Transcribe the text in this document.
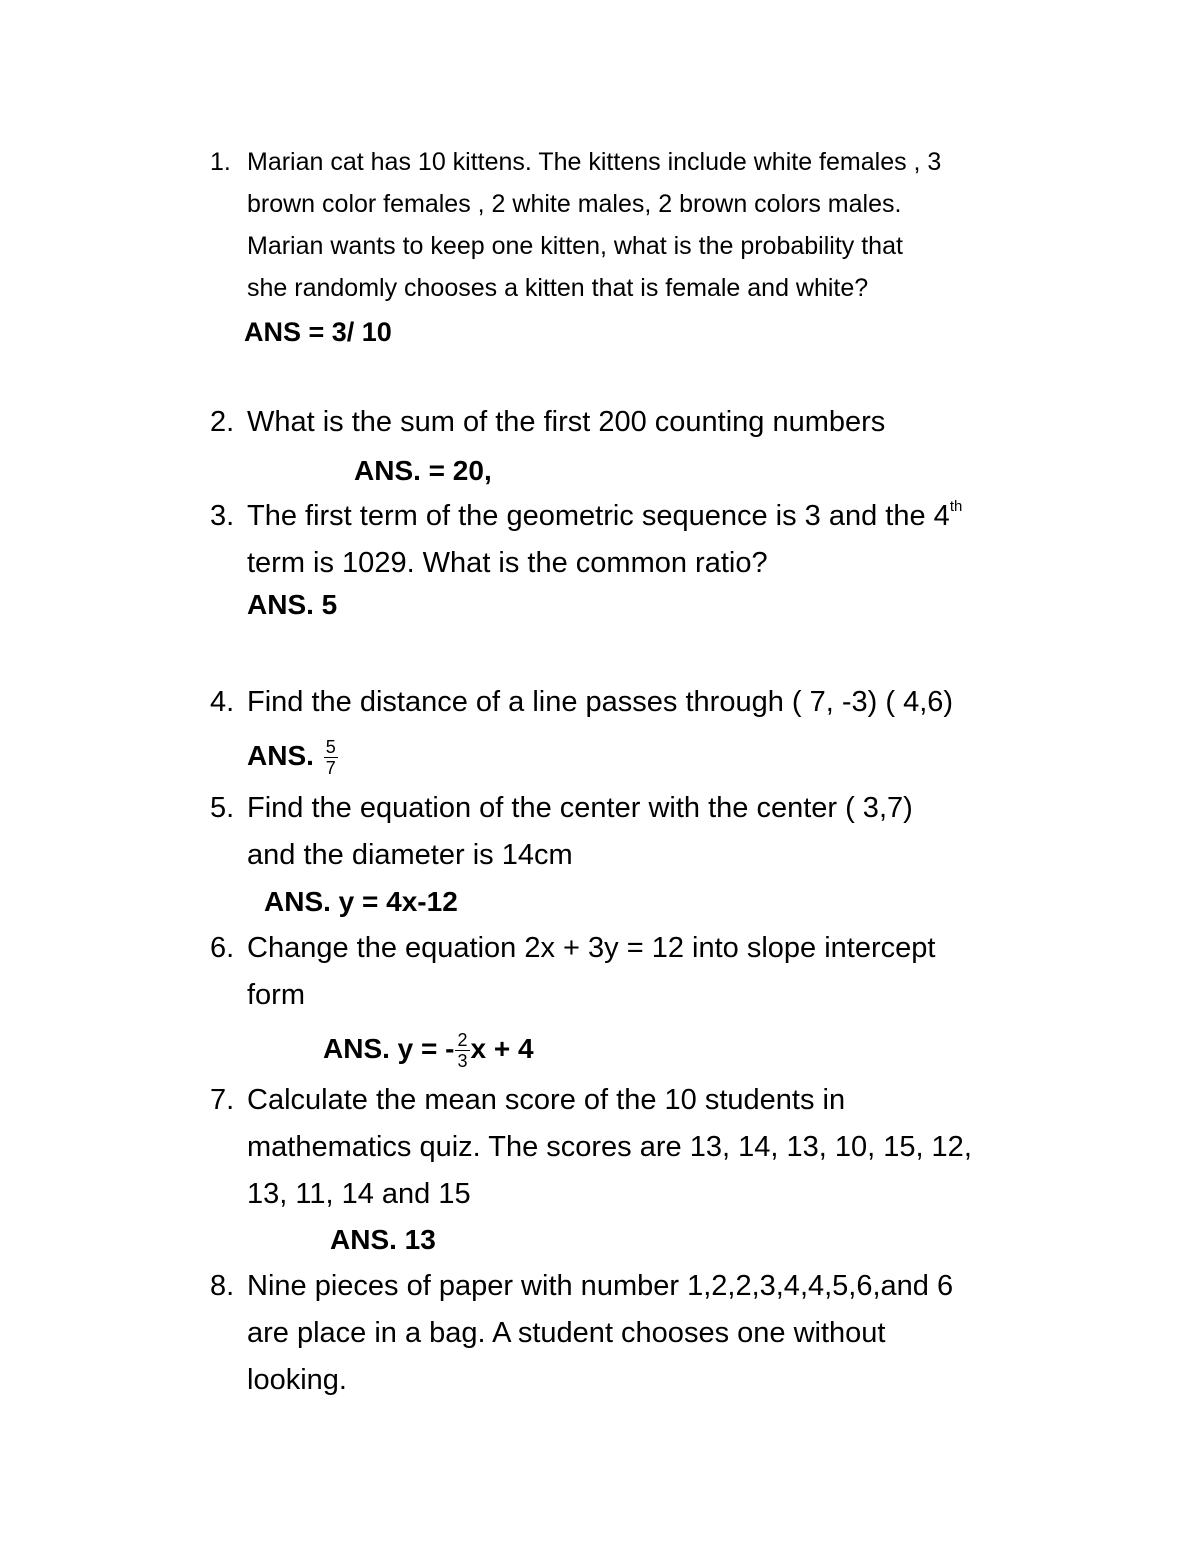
1. Marian cat has 10 kittens. The kittens include white females , 3
brown color females , 2 white males, 2 brown colors males.
Marian wants to keep one kitten, what is the probability that
she randomly chooses a kitten that is female and white?
ANS = 3/ 10
2. What is the sum of the first 200 counting numbers
ANS. = 20,
3. The first term of the geometric sequence is 3 and the 4th
term is 1029. What is the common ratio?
ANS. 5
4. Find the distance of a line passes through ( 7, -3) ( 4,6)
ANS. $\frac{5}{7}$
5. Find the equation of the center with the center ( 3,7)
and the diameter is 14cm
ANS. y = 4x-12
6. Change the equation 2x + 3y = 12 into slope intercept
form
ANS. y = - $\frac{2}{3}$ x + 4
7. Calculate the mean score of the 10 students in
mathematics quiz. The scores are 13, 14, 13, 10, 15, 12,
13, 11, 14 and 15
ANS. 13
8. Nine pieces of paper with number 1,2,2,3,4,4,5,6,and 6
are place in a bag. A student chooses one without
looking.
